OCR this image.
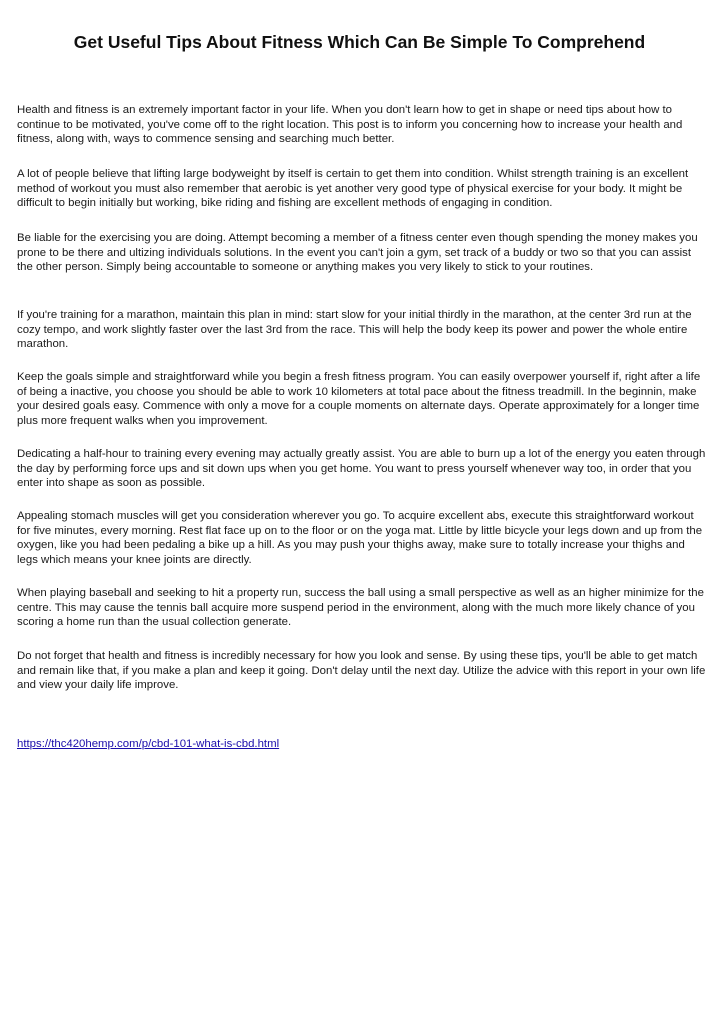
Get Useful Tips About Fitness Which Can Be Simple To Comprehend

Health and fitness is an extremely important factor in your life. When you don't learn how to get in shape or need tips about how to continue to be motivated, you've come off to the right location. This post is to inform you concerning how to increase your health and fitness, along with, ways to commence sensing and searching much better.

A lot of people believe that lifting large bodyweight by itself is certain to get them into condition. Whilst strength training is an excellent method of workout you must also remember that aerobic is yet another very good type of physical exercise for your body. It might be difficult to begin initially but working, bike riding and fishing are excellent methods of engaging in condition.

Be liable for the exercising you are doing. Attempt becoming a member of a fitness center even though spending the money makes you prone to be there and ultizing individuals solutions. In the event you can't join a gym, set track of a buddy or two so that you can assist the other person. Simply being accountable to someone or anything makes you very likely to stick to your routines.

If you're training for a marathon, maintain this plan in mind: start slow for your initial thirdly in the marathon, at the center 3rd run at the cozy tempo, and work slightly faster over the last 3rd from the race. This will help the body keep its power and power the whole entire marathon.

Keep the goals simple and straightforward while you begin a fresh fitness program. You can easily overpower yourself if, right after a life of being a inactive, you choose you should be able to work 10 kilometers at total pace about the fitness treadmill. In the beginnin, make your desired goals easy. Commence with only a move for a couple moments on alternate days. Operate approximately for a longer time plus more frequent walks when you improvement.

Dedicating a half-hour to training every evening may actually greatly assist. You are able to burn up a lot of the energy you eaten through the day by performing force ups and sit down ups when you get home. You want to press yourself whenever way too, in order that you enter into shape as soon as possible.

Appealing stomach muscles will get you consideration wherever you go. To acquire excellent abs, execute this straightforward workout for five minutes, every morning. Rest flat face up on to the floor or on the yoga mat. Little by little bicycle your legs down and up from the oxygen, like you had been pedaling a bike up a hill. As you may push your thighs away, make sure to totally increase your thighs and legs which means your knee joints are directly.

When playing baseball and seeking to hit a property run, success the ball using a small perspective as well as an higher minimize for the centre. This may cause the tennis ball acquire more suspend period in the environment, along with the much more likely chance of you scoring a home run than the usual collection generate.

Do not forget that health and fitness is incredibly necessary for how you look and sense. By using these tips, you'll be able to get match and remain like that, if you make a plan and keep it going. Don't delay until the next day. Utilize the advice with this report in your own life and view your daily life improve.

https://thc420hemp.com/p/cbd-101-what-is-cbd.html
